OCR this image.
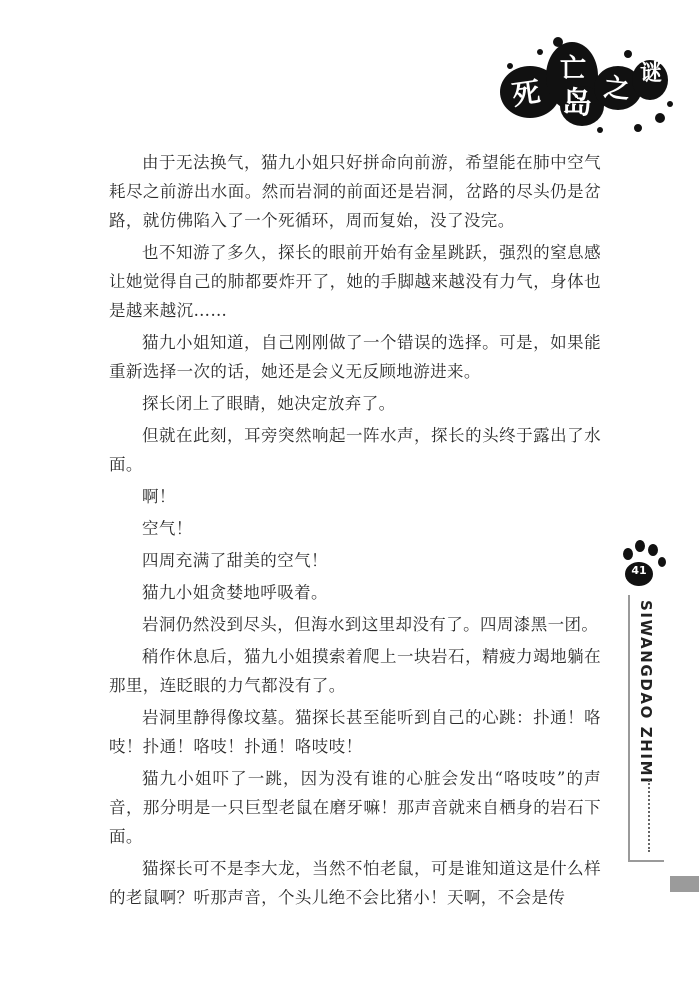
死
亡
岛 之 谜

由于无法换气，猫九小姐只好拼命向前游，希望能在肺中空气耗尽之前游出水面。然而岩洞的前面还是岩洞，岔路的尽头仍是岔路，就仿佛陷入了一个死循环，周而复始，没了没完。

也不知游了多久，探长的眼前开始有金星跳跃，强烈的窒息感让她觉得自己的肺都要炸开了，她的手脚越来越没有力气，身体也是越来越沉……

猫九小姐知道，自己刚刚做了一个错误的选择。可是，如果能重新选择一次的话，她还是会义无反顾地游进来。

探长闭上了眼睛，她决定放弃了。

但就在此刻，耳旁突然响起一阵水声，探长的头终于露出了水面。

啊！

空气！

四周充满了甜美的空气！

猫九小姐贪婪地呼吸着。

岩洞仍然没到尽头，但海水到这里却没有了。四周漆黑一团。

稍作休息后，猫九小姐摸索着爬上一块岩石，精疲力竭地躺在那里，连眨眼的力气都没有了。

岩洞里静得像坟墓。猫探长甚至能听到自己的心跳：扑通！咯吱！扑通！咯吱！扑通！咯吱吱！

猫九小姐吓了一跳，因为没有谁的心脏会发出“咯吱吱”的声音，那分明是一只巨型老鼠在磨牙嘛！那声音就来自栖身的岩石下面。

猫探长可不是李大龙，当然不怕老鼠，可是谁知道这是什么样的老鼠啊？听那声音，个头儿绝不会比猪小！天啊，不会是传

41
SIWANGDAO ZHIMI
